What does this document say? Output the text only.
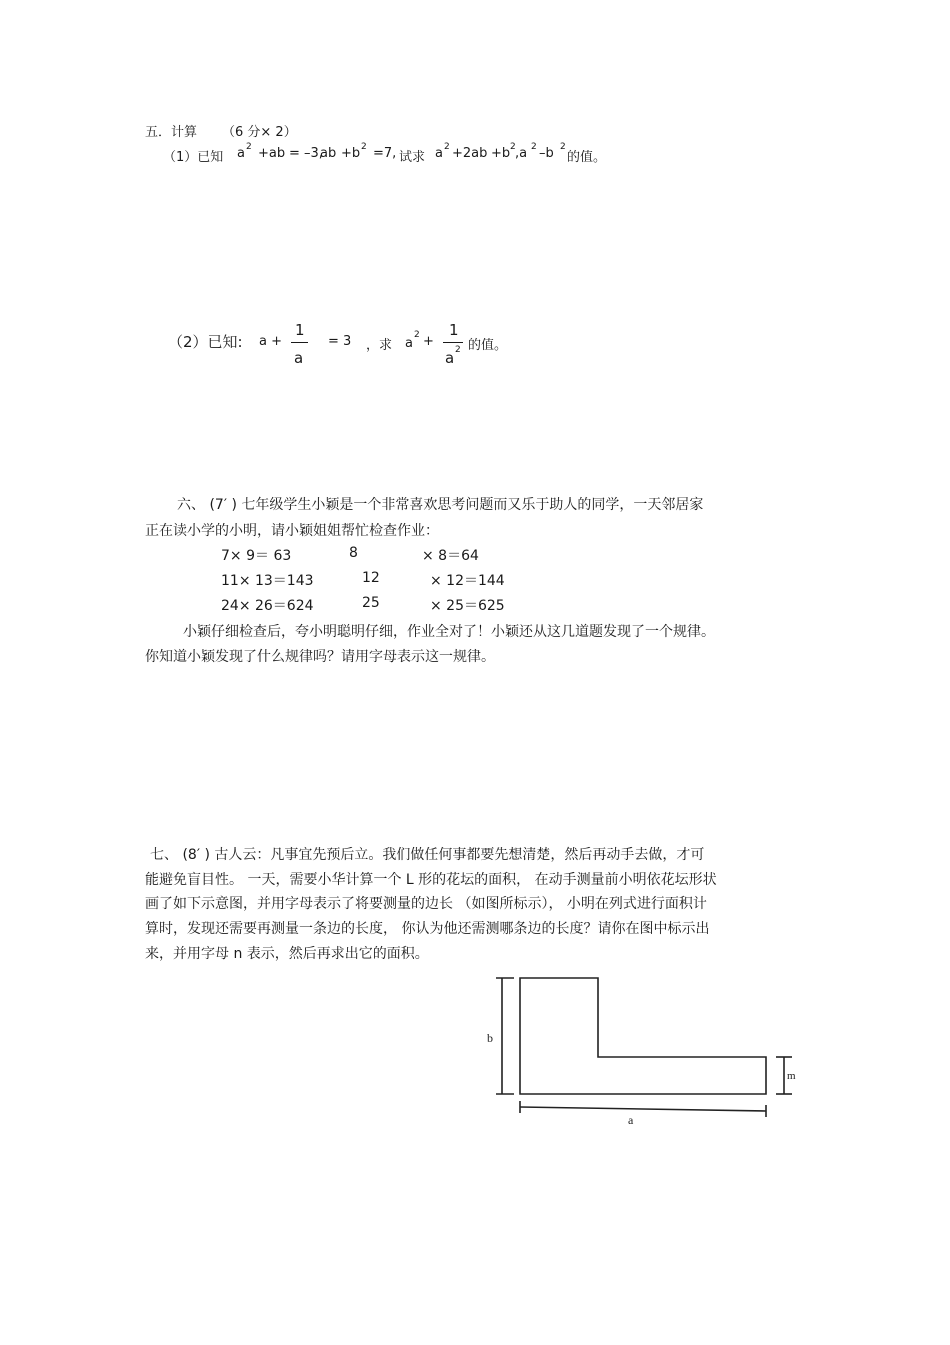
五．计算 （6 分× 2）
（1）已知 a 2 +ab = –3,
ab +b 2 =7, 试求 a 2 +2ab +b 2 ,a 2 –b 2
的值。
（2）已知: a +
1
a
= 3 ，求 a
2 +
1
a 2 的值。
六、 (7′ ) 七年级学生小颖是一个非常喜欢思考问题而又乐于助人的同学，一天邻居家
正在读小学的小明，请小颖姐姐帮忙检查作业：
7× 9＝ 63	8	× 8＝64
11× 13＝143	12	× 12＝144
24× 26＝624	25	× 25＝625
小颖仔细检查后，夸小明聪明仔细，作业全对了！小颖还从这几道题发现了一个规律。
你知道小颖发现了什么规律吗？请用字母表示这一规律。
七、 (8′ ) 古人云：凡事宜先预后立。我们做任何事都要先想清楚，然后再动手去做，才可
能避免盲目性。 一天，需要小华计算一个 L 形的花坛的面积， 在动手测量前小明依花坛形状
画了如下示意图，并用字母表示了将要测量的边长 （如图所标示）， 小明在列式进行面积计
算时，发现还需要再测量一条边的长度， 你认为他还需测哪条边的长度？请你在图中标示出
来，并用字母 n 表示，然后再求出它的面积。
b
m
a
